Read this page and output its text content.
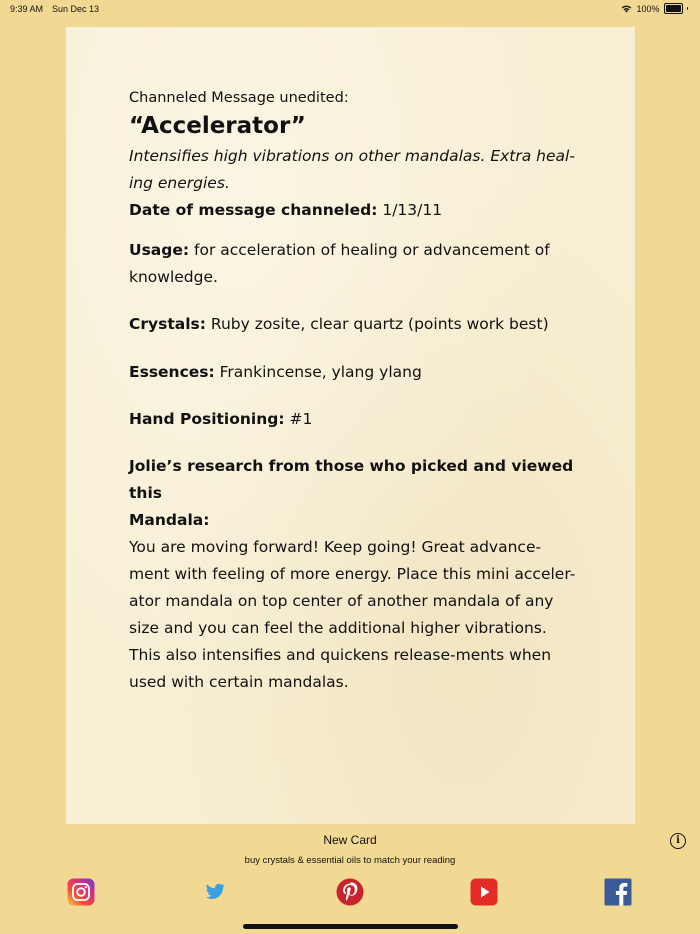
9:39 AM Sun Dec 13	100%

Channeled Message unedited:

“Accelerator”

Intensifies high vibrations on other mandalas. Extra heal-

ing energies.

Date of message channeled: 1/13/11

Usage: for acceleration of healing or advancement of

knowledge.

Crystals: Ruby zosite, clear quartz (points work best)

Essences: Frankincense, ylang ylang

Hand Positioning: #1

Jolie’s research from those who picked and viewed this

Mandala:

You are moving forward! Keep going! Great advance-

ment with feeling of more energy. Place this mini acceler-

ator mandala on top center of another mandala of any

size and you can feel the additional higher vibrations.

This also intensifies and quickens release-ments when

used with certain mandalas.

New Card
buy crystals & essential oils to match your reading
i
